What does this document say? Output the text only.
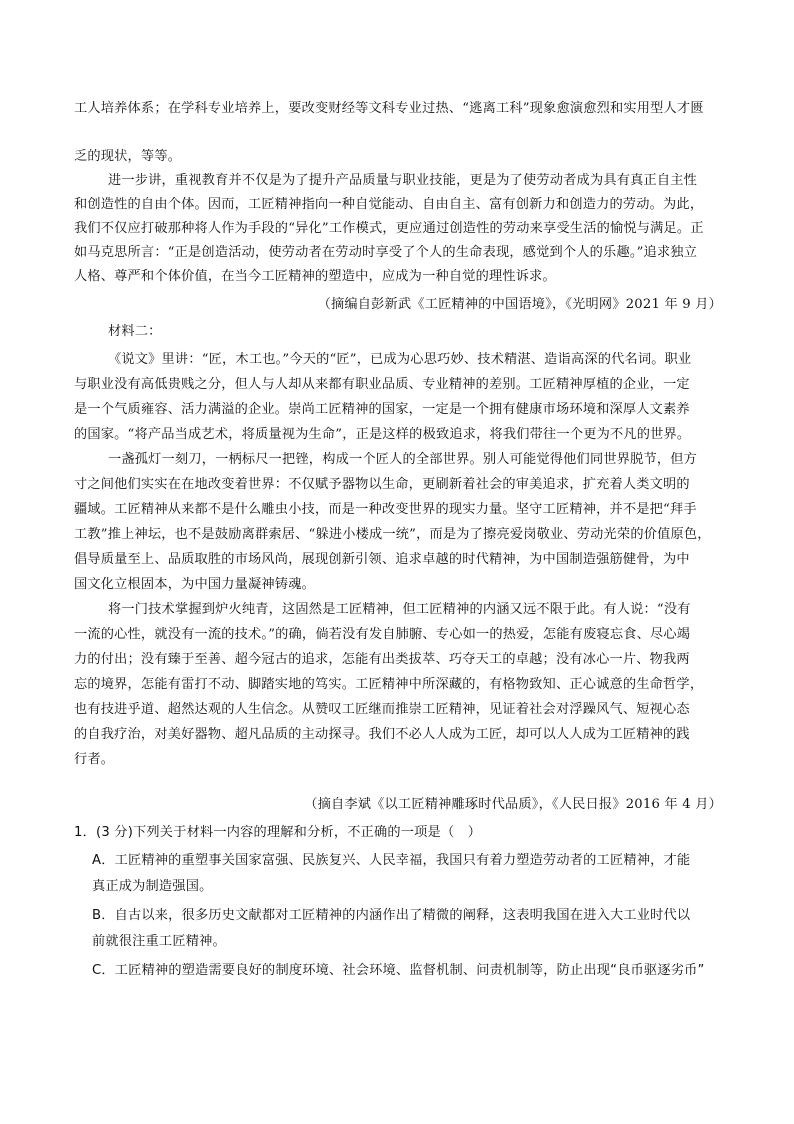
工人培养体系；在学科专业培养上，要改变财经等文科专业过热、“逃离工科”现象愈演愈烈和实用型人才匮
乏的现状，等等。
进一步讲，重视教育并不仅是为了提升产品质量与职业技能，更是为了使劳动者成为具有真正自主性
和创造性的自由个体。因而，工匠精神指向一种自觉能动、自由自主、富有创新力和创造力的劳动。为此，
我们不仅应打破那种将人作为手段的“异化”工作模式，更应通过创造性的劳动来享受生活的愉悦与满足。正
如马克思所言：“正是创造活动，使劳动者在劳动时享受了个人的生命表现，感觉到个人的乐趣。”追求独立
人格、尊严和个体价值，在当今工匠精神的塑造中，应成为一种自觉的理性诉求。
（摘编自彭新武《工匠精神的中国语境》，《光明网》2021 年 9 月）
材料二：
《说文》里讲：“匠，木工也。”今天的“匠”，已成为心思巧妙、技术精湛、造诣高深的代名词。职业
与职业没有高低贵贱之分，但人与人却从来都有职业品质、专业精神的差别。工匠精神厚植的企业，一定
是一个气质雍容、活力满溢的企业。崇尚工匠精神的国家，一定是一个拥有健康市场环境和深厚人文素养
的国家。“将产品当成艺术，将质量视为生命”，正是这样的极致追求，将我们带往一个更为不凡的世界。
一盏孤灯一刻刀，一柄标尺一把锉，构成一个匠人的全部世界。别人可能觉得他们同世界脱节，但方
寸之间他们实实在在地改变着世界：不仅赋予器物以生命，更刷新着社会的审美追求，扩充着人类文明的
疆域。工匠精神从来都不是什么雕虫小技，而是一种改变世界的现实力量。坚守工匠精神，并不是把“拜手
工教”推上神坛，也不是鼓励离群索居、“躲进小楼成一统”，而是为了擦亮爱岗敬业、劳动光荣的价值原色，
倡导质量至上、品质取胜的市场风尚，展现创新引领、追求卓越的时代精神，为中国制造强筋健骨，为中
国文化立根固本，为中国力量凝神铸魂。
将一门技术掌握到炉火纯青，这固然是工匠精神，但工匠精神的内涵又远不限于此。有人说：“没有
一流的心性，就没有一流的技术。”的确，倘若没有发自肺腑、专心如一的热爱，怎能有废寝忘食、尽心竭
力的付出；没有臻于至善、超今冠古的追求，怎能有出类拔萃、巧夺天工的卓越；没有冰心一片、物我两
忘的境界，怎能有雷打不动、脚踏实地的笃实。工匠精神中所深藏的，有格物致知、正心诚意的生命哲学，
也有技进乎道、超然达观的人生信念。从赞叹工匠继而推崇工匠精神，见证着社会对浮躁风气、短视心态
的自我疗治，对美好器物、超凡品质的主动探寻。我们不必人人成为工匠，却可以人人成为工匠精神的践
行者。
（摘自李斌《以工匠精神雕琢时代品质》，《人民日报》2016 年 4 月）
1．(3 分)下列关于材料一内容的理解和分析，不正确的一项是（　）
A．工匠精神的重塑事关国家富强、民族复兴、人民幸福，我国只有着力塑造劳动者的工匠精神，才能
真正成为制造强国。
B．自古以来，很多历史文献都对工匠精神的内涵作出了精微的阐释，这表明我国在进入大工业时代以
前就很注重工匠精神。
C．工匠精神的塑造需要良好的制度环境、社会环境、监督机制、问责机制等，防止出现“良币驱逐劣币”
